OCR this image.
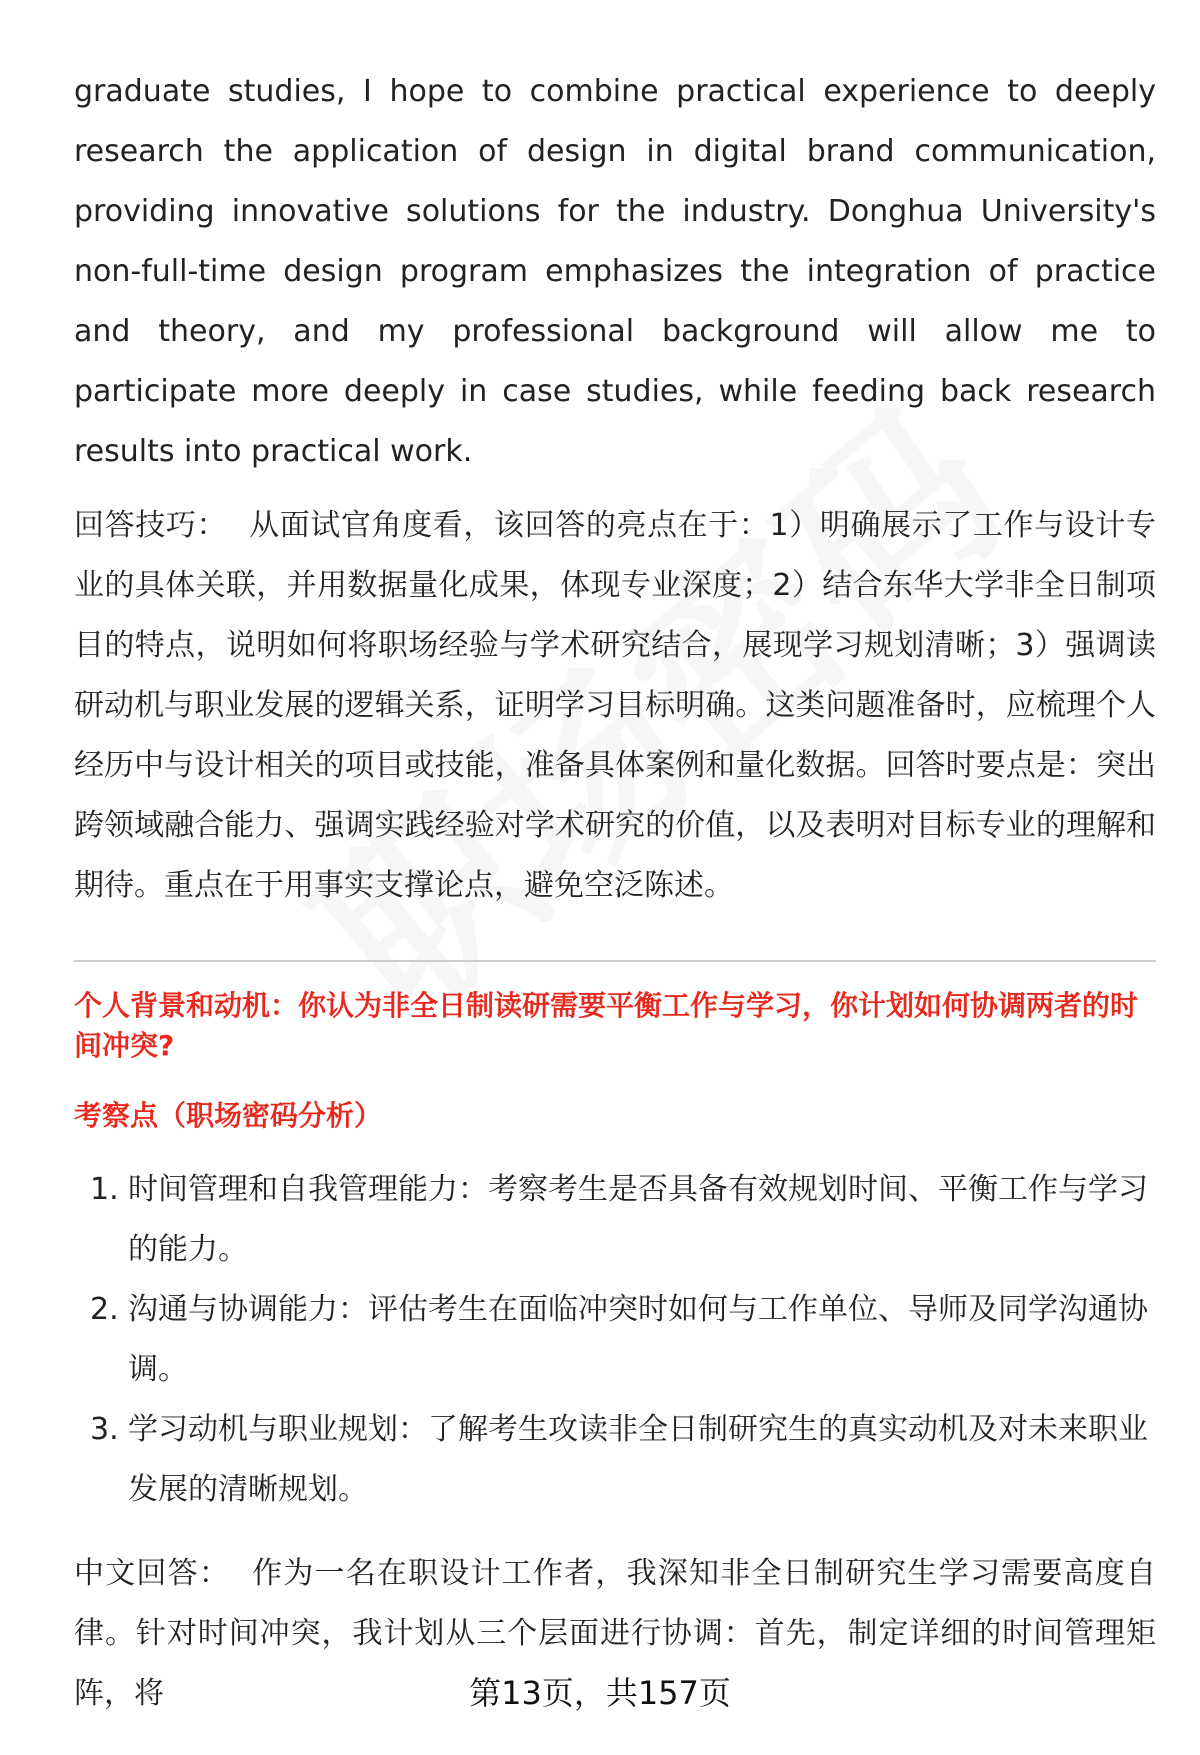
graduate studies, I hope to combine practical experience to deeply research the application of design in digital brand communication, providing innovative solutions for the industry. Donghua University's non-full-time design program emphasizes the integration of practice and theory, and my professional background will allow me to participate more deeply in case studies, while feeding back research results into practical work.

回答技巧： 从面试官角度看，该回答的亮点在于：1）明确展示了工作与设计专业的具体关联，并用数据量化成果，体现专业深度；2）结合东华大学非全日制项目的特点，说明如何将职场经验与学术研究结合，展现学习规划清晰；3）强调读研动机与职业发展的逻辑关系，证明学习目标明确。这类问题准备时，应梳理个人经历中与设计相关的项目或技能，准备具体案例和量化数据。回答时要点是：突出跨领域融合能力、强调实践经验对学术研究的价值，以及表明对目标专业的理解和期待。重点在于用事实支撑论点，避免空泛陈述。

个人背景和动机：你认为非全日制读研需要平衡工作与学习，你计划如何协调两者的时间冲突?

考察点（职场密码分析）

1. 时间管理和自我管理能力：考察考生是否具备有效规划时间、平衡工作与学习的能力。
2. 沟通与协调能力：评估考生在面临冲突时如何与工作单位、导师及同学沟通协调。
3. 学习动机与职业规划：了解考生攻读非全日制研究生的真实动机及对未来职业发展的清晰规划。

中文回答： 作为一名在职设计工作者，我深知非全日制研究生学习需要高度自律。针对时间冲突，我计划从三个层面进行协调：首先，制定详细的时间管理矩阵，将	第13页，共157页
